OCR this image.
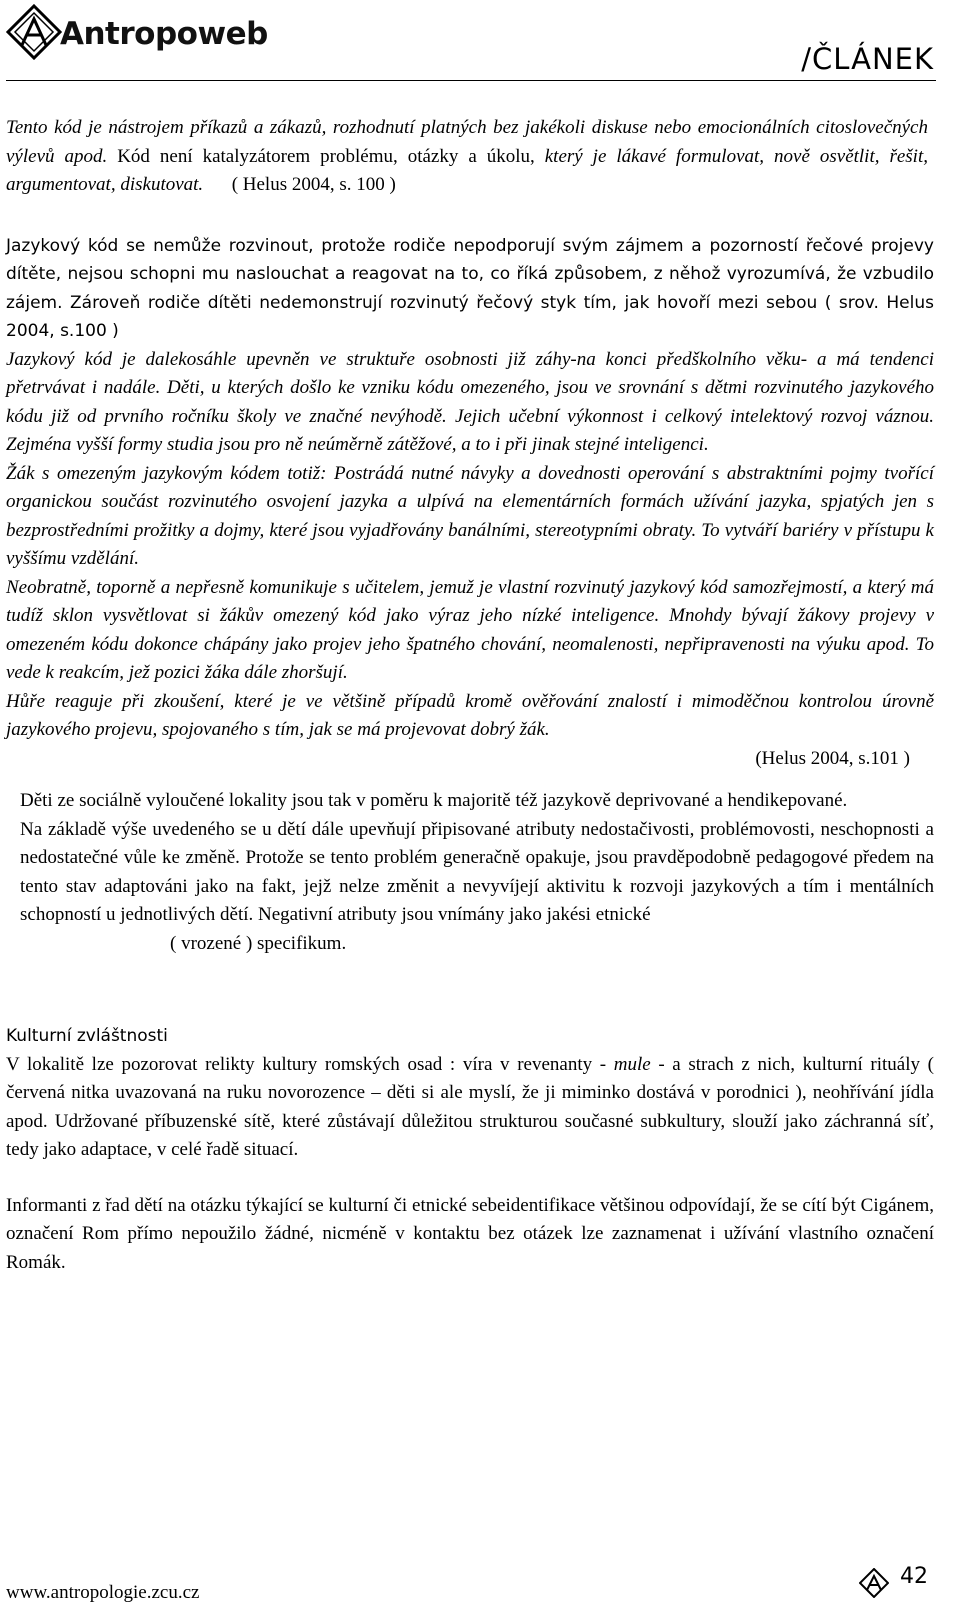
Antropoweb
/ČLÁNEK

Tento kód je nástrojem příkazů a zákazů, rozhodnutí platných bez jakékoli diskuse nebo emocionálních citoslovečných výlevů apod. Kód není katalyzátorem problému, otázky a úkolu, který je lákavé formulovat, nově osvětlit, řešit, argumentovat, diskutovat. ( Helus 2004, s. 100 )

Jazykový kód se nemůže rozvinout, protože rodiče nepodporují svým zájmem a pozorností řečové projevy dítěte, nejsou schopni mu naslouchat a reagovat na to, co říká způsobem, z něhož vyrozumívá, že vzbudilo zájem. Zároveň rodiče dítěti nedemonstrují rozvinutý řečový styk tím, jak hovoří mezi sebou ( srov. Helus 2004, s.100 )

Jazykový kód je dalekosáhle upevněn ve struktuře osobnosti již záhy-na konci předškolního věku- a má tendenci přetrvávat i nadále. Děti, u kterých došlo ke vzniku kódu omezeného, jsou ve srovnání s dětmi rozvinutého jazykového kódu již od prvního ročníku školy ve značné nevýhodě. Jejich učební výkonnost i celkový intelektový rozvoj váznou. Zejména vyšší formy studia jsou pro ně neúměrně zátěžové, a to i při jinak stejné inteligenci.

Žák s omezeným jazykovým kódem totiž: Postrádá nutné návyky a dovednosti operování s abstraktními pojmy tvořící organickou součást rozvinutého osvojení jazyka a ulpívá na elementárních formách užívání jazyka, spjatých jen s bezprostředními prožitky a dojmy, které jsou vyjadřovány banálními, stereotypními obraty. To vytváří bariéry v přístupu k vyššímu vzdělání.

Neobratně, toporně a nepřesně komunikuje s učitelem, jemuž je vlastní rozvinutý jazykový kód samozřejmostí, a který má tudíž sklon vysvětlovat si žákův omezený kód jako výraz jeho nízké inteligence. Mnohdy bývají žákovy projevy v omezeném kódu dokonce chápány jako projev jeho špatného chování, neomalenosti, nepřipravenosti na výuku apod. To vede k reakcím, jež pozici žáka dále zhoršují.

Hůře reaguje při zkoušení, které je ve většině případů kromě ověřování znalostí i mimoděčnou kontrolou úrovně jazykového projevu, spojovaného s tím, jak se má projevovat dobrý žák.

(Helus 2004, s.101 )

Děti ze sociálně vyloučené lokality jsou tak v poměru k majoritě též jazykově deprivované a hendikepované.

Na základě výše uvedeného se u dětí dále upevňují připisované atributy nedostačivosti, problémovosti, neschopnosti a nedostatečné vůle ke změně. Protože se tento problém generačně opakuje, jsou pravděpodobně pedagogové předem na tento stav adaptováni jako na fakt, jejž nelze změnit a nevyvíjejí aktivitu k rozvoji jazykových a tím i mentálních schopností u jednotlivých dětí. Negativní atributy jsou vnímány jako jakési etnické

( vrozené ) specifikum.

Kulturní zvláštnosti

V lokalitě lze pozorovat relikty kultury romských osad : víra v revenanty - mule - a strach z nich, kulturní rituály ( červená nitka uvazovaná na ruku novorozence – děti si ale myslí, že ji miminko dostává v porodnici ), neohřívání jídla apod. Udržované příbuzenské sítě, které zůstávají důležitou strukturou současné subkultury, slouží jako záchranná síť, tedy jako adaptace, v celé řadě situací.

Informanti z řad dětí na otázku týkající se kulturní či etnické sebeidentifikace většinou odpovídají, že se cítí být Cigánem, označení Rom přímo nepoužilo žádné, nicméně v kontaktu bez otázek lze zaznamenat i užívání vlastního označení Romák.

www.antropologie.zcu.cz
42
